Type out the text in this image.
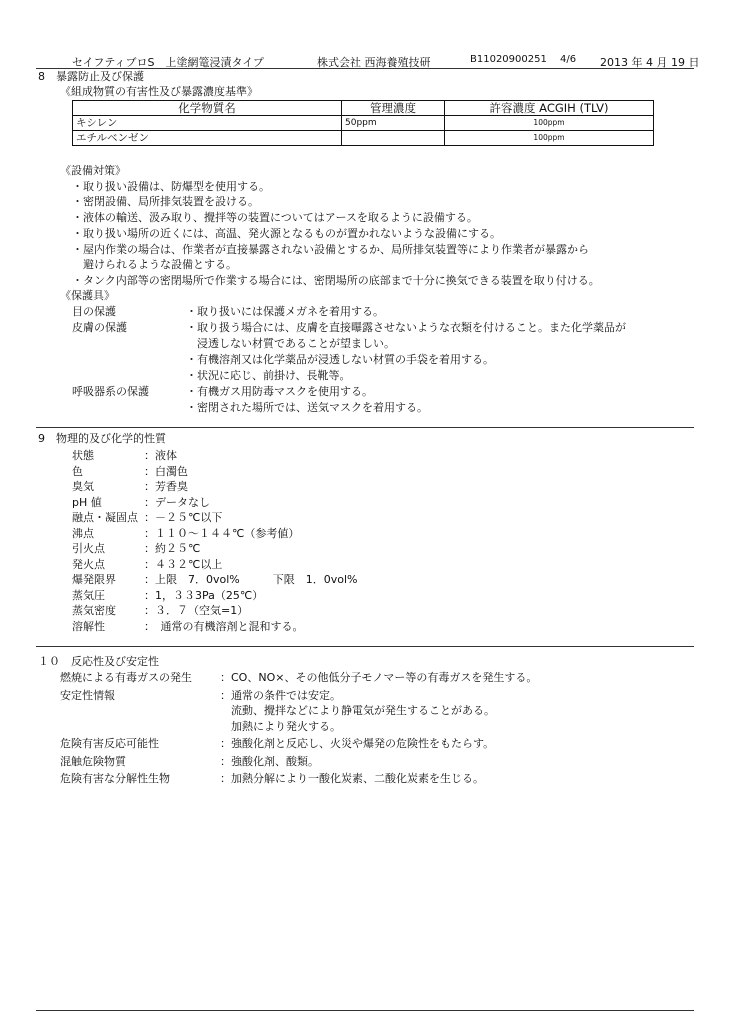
セイフティブロS　上塗網篭浸漬タイプ	株式会社 西海養殖技研	B11020900251 4/6 2013 年 4 月 19 日
8　暴露防止及び保護
《組成物質の有害性及び暴露濃度基準》
化学物質名	管理濃度	許容濃度 ACGIH (TLV)
キシレン	50ppm	100ppm
エチルベンゼン		100ppm
《設備対策》
・取り扱い設備は、防爆型を使用する。
・密閉設備、局所排気装置を設ける。
・液体の輸送、汲み取り、攪拌等の装置についてはアースを取るように設備する。
・取り扱い場所の近くには、高温、発火源となるものが置かれないような設備にする。
・屋内作業の場合は、作業者が直接暴露されない設備とするか、局所排気装置等により作業者が暴露から
　避けられるような設備とする。
・タンク内部等の密閉場所で作業する場合には、密閉場所の底部まで十分に換気できる装置を取り付ける。
《保護具》
目の保護	・取り扱いには保護メガネを着用する。
皮膚の保護	・取り扱う場合には、皮膚を直接曝露させないような衣類を付けること。また化学薬品が
　浸透しない材質であることが望ましい。
・有機溶剤又は化学薬品が浸透しない材質の手袋を着用する。
・状況に応じ、前掛け、長靴等。
呼吸器系の保護	・有機ガス用防毒マスクを使用する。
・密閉された場所では、送気マスクを着用する。
9　物理的及び化学的性質
状態	：液体
色	：白濁色
臭気	：芳香臭
pH 値	：データなし
融点・凝固点 ：－２５℃以下
沸点	：１１０～１４４℃（参考値）
引火点	：約２５℃
発火点	：４３２℃以上
爆発限界	：上限　7．0vol%　　　下限　1．0vol%
蒸気圧	：1，３３3Pa（25℃）
蒸気密度	：３．７（空気=1）
溶解性	：　通常の有機溶剤と混和する。
１０　反応性及び安定性
燃焼による有毒ガスの発生	：CO、NO×、その他低分子モノマー等の有毒ガスを発生する。
安定性情報	：通常の条件では安定。
　流動、攪拌などにより静電気が発生することがある。
　加熱により発火する。
危険有害反応可能性	：強酸化剤と反応し、火災や爆発の危険性をもたらす。
混触危険物質	：強酸化剤、酸類。
危険有害な分解性生物	：加熱分解により一酸化炭素、二酸化炭素を生じる。
